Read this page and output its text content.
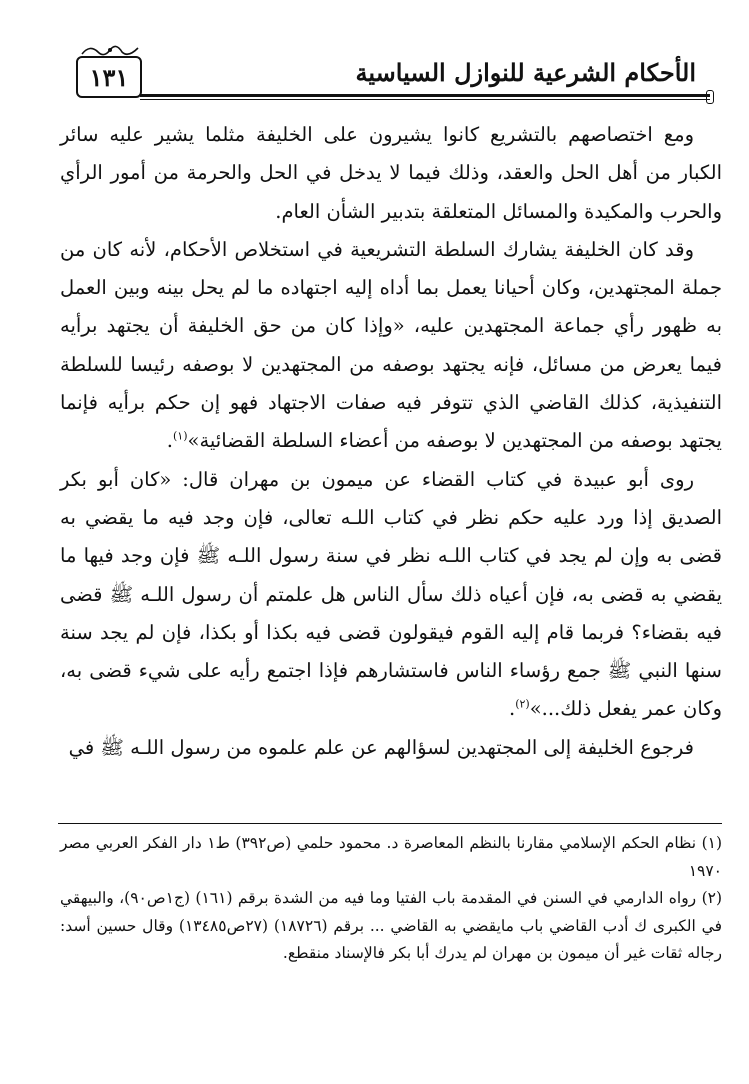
١٣١	الأحكام الشرعية للنوازل السياسية

ومع اختصاصهم بالتشريع كانوا يشيرون على الخليفة مثلما يشير عليه سائر الكبار من أهل الحل والعقد، وذلك فيما لا يدخل في الحل والحرمة من أمور الرأي والحرب والمكيدة والمسائل المتعلقة بتدبير الشأن العام.

وقد كان الخليفة يشارك السلطة التشريعية في استخلاص الأحكام، لأنه كان من جملة المجتهدين، وكان أحيانا يعمل بما أداه إليه اجتهاده ما لم يحل بينه وبين العمل به ظهور رأي جماعة المجتهدين عليه، «وإذا كان من حق الخليفة أن يجتهد برأيه فيما يعرض من مسائل، فإنه يجتهد بوصفه من المجتهدين لا بوصفه رئيسا للسلطة التنفيذية، كذلك القاضي الذي تتوفر فيه صفات الاجتهاد فهو إن حكم برأيه فإنما يجتهد بوصفه من المجتهدين لا بوصفه من أعضاء السلطة القضائية»$^{(١)}$.

روى أبو عبيدة في كتاب القضاء عن ميمون بن مهران قال: «كان أبو بكر الصديق إذا ورد عليه حكم نظر في كتاب اللـه تعالى، فإن وجد فيه ما يقضي به قضى به وإن لم يجد في كتاب اللـه نظر في سنة رسول اللـه ﷺ فإن وجد فيها ما يقضي به قضى به، فإن أعياه ذلك سأل الناس هل علمتم أن رسول اللـه ﷺ قضى فيه بقضاء؟ فربما قام إليه القوم فيقولون قضى فيه بكذا أو بكذا، فإن لم يجد سنة سنها النبي ﷺ جمع رؤساء الناس فاستشارهم فإذا اجتمع رأيه على شيء قضى به، وكان عمر يفعل ذلك...»$^{(٢)}$.

فرجوع الخليفة إلى المجتهدين لسؤالهم عن علم علموه من رسول اللـه ﷺ في

(١) نظام الحكم الإسلامي مقارنا بالنظم المعاصرة د. محمود حلمي (ص٣٩٢) ط١ دار الفكر العربي مصر ١٩٧٠

(٢) رواه الدارمي في السنن في المقدمة باب الفتيا وما فيه من الشدة برقم (١٦١) (ج١ص٩٠)، والبيهقي في الكبرى ك أدب القاضي باب مايقضي به القاضي ... برقم (١٨٧٢٦) (٢٧ص١٣٤٨٥) وقال حسين أسد: رجاله ثقات غير أن ميمون بن مهران لم يدرك أبا بكر فالإسناد منقطع.
